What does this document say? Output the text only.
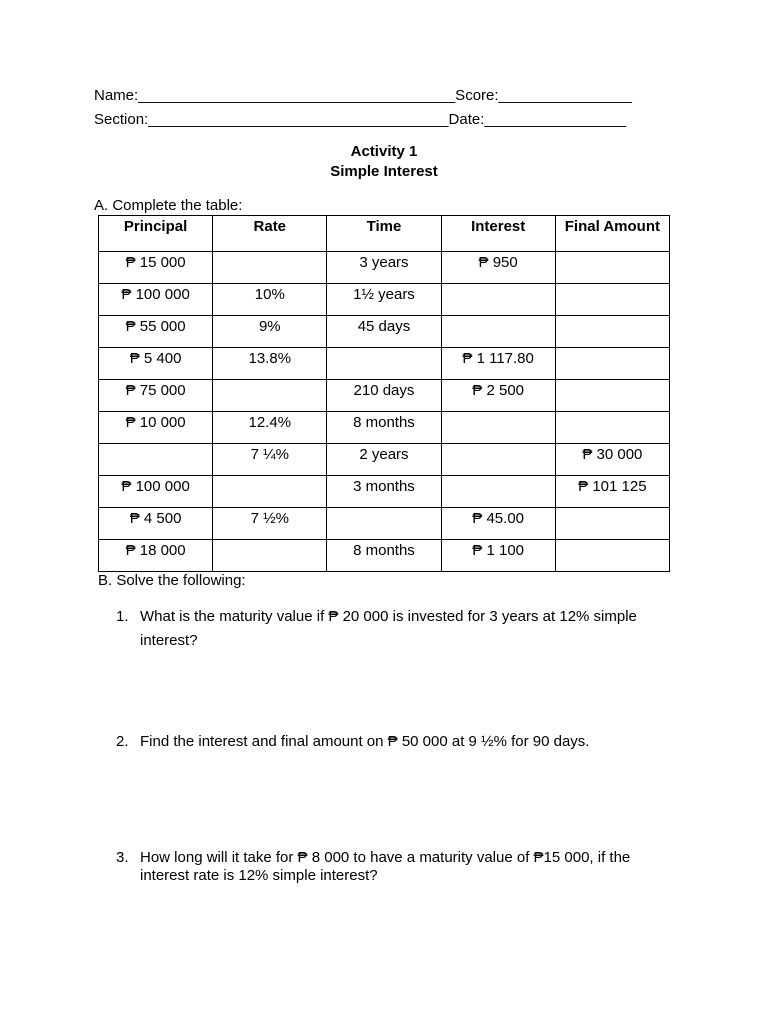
Name:______________________________________Score:________________
Section:____________________________________Date:_________________
Activity 1
Simple Interest
A. Complete the table:
Principal	Rate	Time	Interest	Final Amount
₱ 15 000		3 years	₱ 950	
₱ 100 000	10%	1½ years		
₱ 55 000	9%	45 days		
₱ 5 400	13.8%		₱ 1 117.80	
₱ 75 000		210 days	₱ 2 500	
₱ 10 000	12.4%	8 months		
	7 ¼%	2 years		₱ 30 000
₱ 100 000		3 months		₱ 101 125
₱ 4 500	7 ½%		₱ 45.00	
₱ 18 000		8 months	₱ 1 100	
B. Solve the following:
1. What is the maturity value if ₱ 20 000 is invested for 3 years at 12% simple interest?
2. Find the interest and final amount on ₱ 50 000 at 9 ½% for 90 days.
3. How long will it take for ₱ 8 000 to have a maturity value of ₱15 000, if the interest rate is 12% simple interest?
